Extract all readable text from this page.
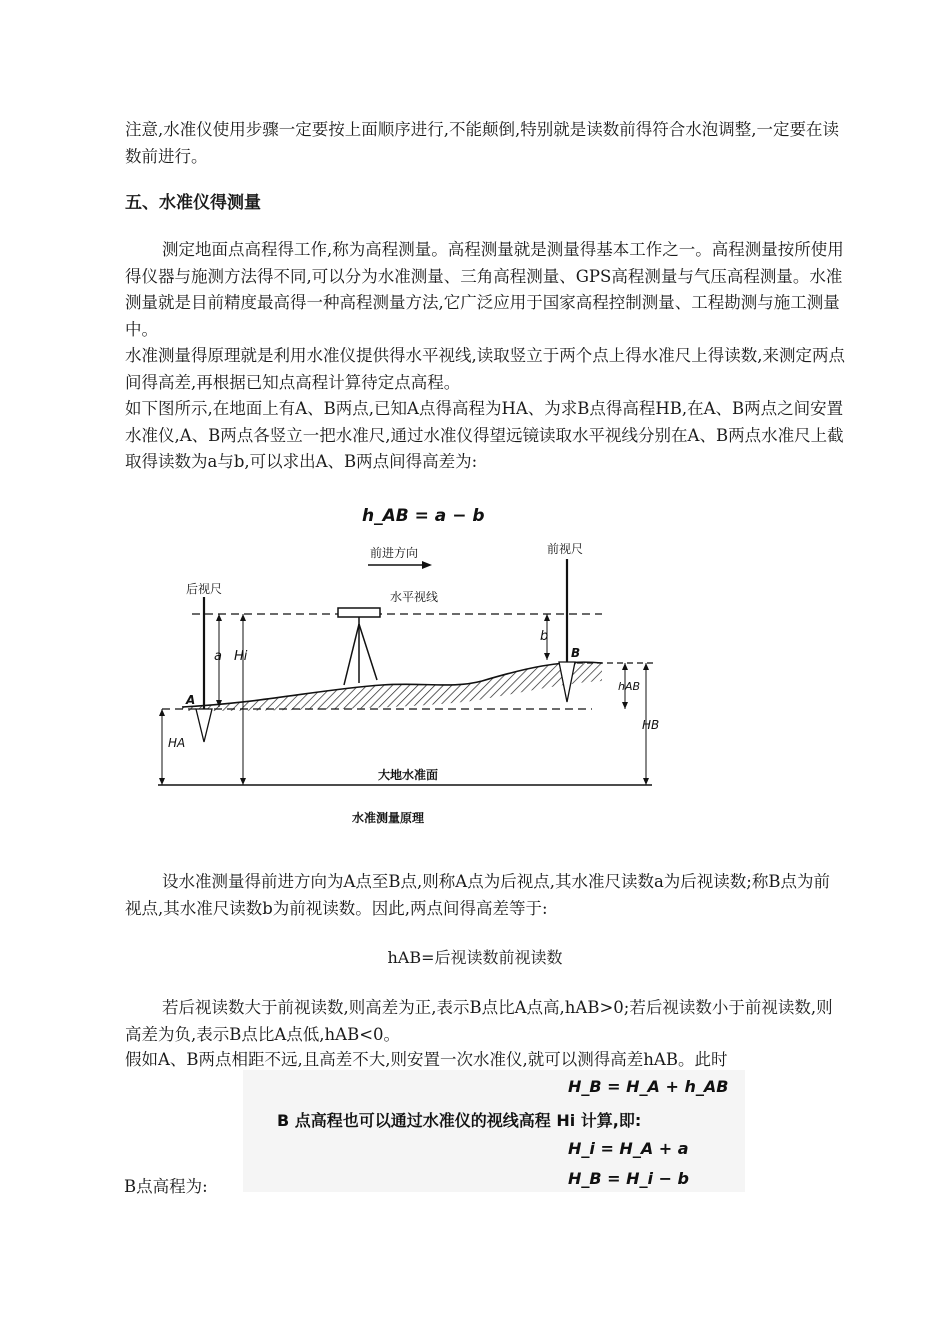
注意,水准仪使用步骤一定要按上面顺序进行,不能颠倒,特别就是读数前得符合水泡调整,一定要在读数前进行。

五、水准仪得测量

测定地面点高程得工作,称为高程测量。高程测量就是测量得基本工作之一。高程测量按所使用得仪器与施测方法得不同,可以分为水准测量、三角高程测量、GPS高程测量与气压高程测量。水准测量就是目前精度最高得一种高程测量方法,它广泛应用于国家高程控制测量、工程勘测与施工测量中。

水准测量得原理就是利用水准仪提供得水平视线,读取竖立于两个点上得水准尺上得读数,来测定两点间得高差,再根据已知点高程计算待定点高程。

如下图所示,在地面上有A、B两点,已知A点得高程为HA、为求B点得高程HB,在A、B两点之间安置水准仪,A、B两点各竖立一把水准尺,通过水准仪得望远镜读取水平视线分别在A、B两点水准尺上截取得读数为a与b,可以求出A、B两点间得高差为:

h_AB = a − b
前进方向
后视尺
前视尺
水平视线
A
a Hi
HA
B
b
hAB
HB
大地水准面
水准测量原理

设水准测量得前进方向为A点至B点,则称A点为后视点,其水准尺读数a为后视读数;称B点为前视点,其水准尺读数b为前视读数。因此,两点间得高差等于:

hAB=后视读数前视读数

若后视读数大于前视读数,则高差为正,表示B点比A点高,hAB>0;若后视读数小于前视读数,则高差为负,表示B点比A点低,hAB<0。

假如A、B两点相距不远,且高差不大,则安置一次水准仪,就可以测得高差hAB。此时

H_B = H_A + h_AB
B 点高程也可以通过水准仪的视线高程 Hi 计算,即:
H_i = H_A + a
H_B = H_i − b
B点高程为:
